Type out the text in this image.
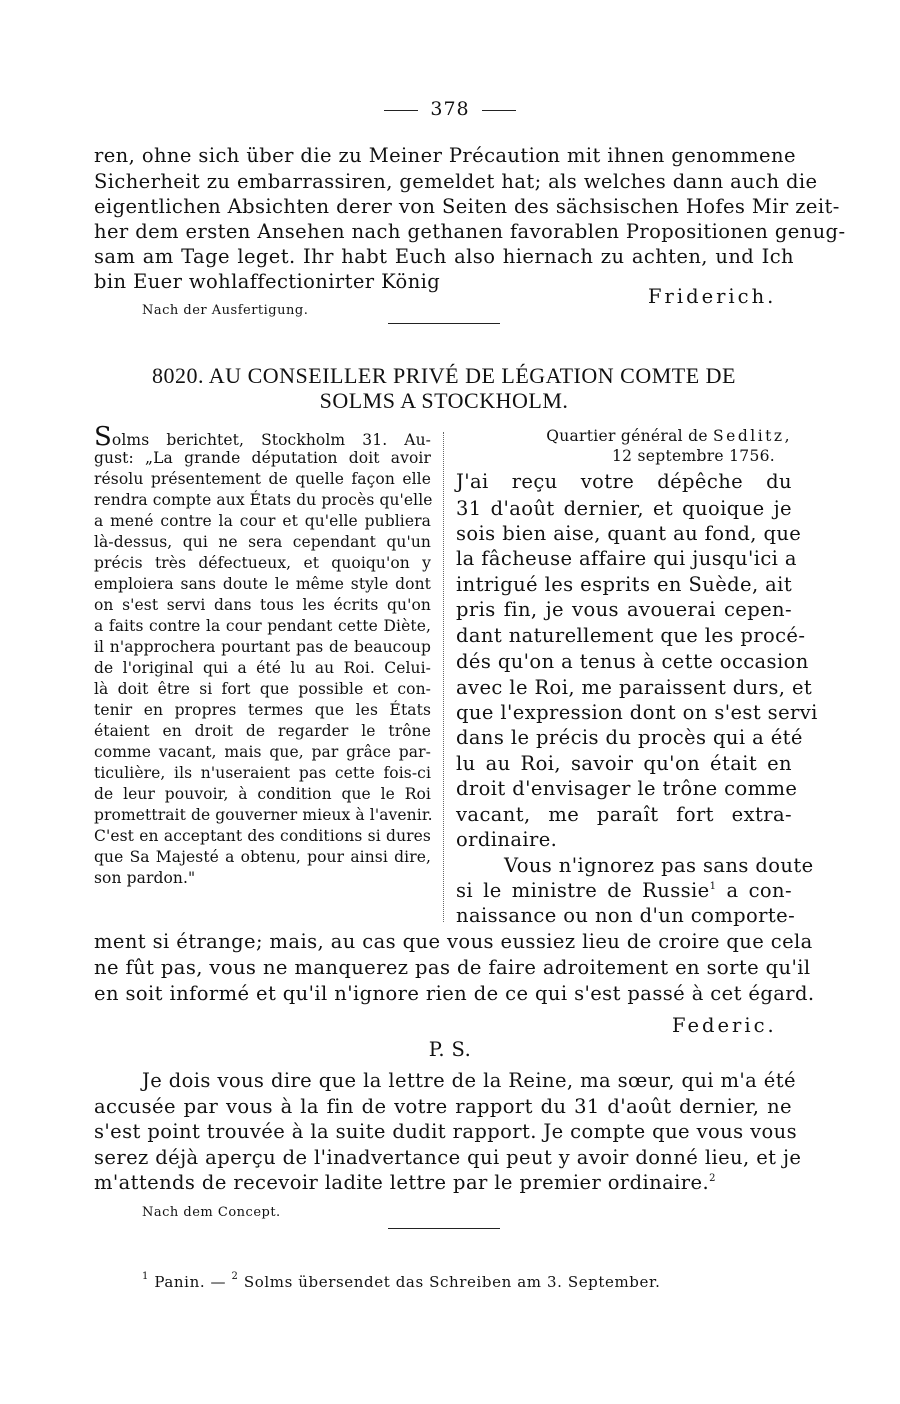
378
ren, ohne sich über die zu Meiner Précaution mit ihnen genommene
Sicherheit zu embarrassiren, gemeldet hat; als welches dann auch die
eigentlichen Absichten derer von Seiten des sächsischen Hofes Mir zeit-
her dem ersten Ansehen nach gethanen favorablen Propositionen genug-
sam am Tage leget. Ihr habt Euch also hiernach zu achten, und Ich
bin Euer wohlaffectionirter König
Friderich.
Nach der Ausfertigung.
8020. AU CONSEILLER PRIVÉ DE LÉGATION COMTE DE
SOLMS A STOCKHOLM.
Solms berichtet, Stockholm 31. Au-
gust: „La grande députation doit avoir
résolu présentement de quelle façon elle
rendra compte aux États du procès qu'elle
a mené contre la cour et qu'elle publiera
là-dessus, qui ne sera cependant qu'un
précis très défectueux, et quoiqu'on y
emploiera sans doute le même style dont
on s'est servi dans tous les écrits qu'on
a faits contre la cour pendant cette Diète,
il n'approchera pourtant pas de beaucoup
de l'original qui a été lu au Roi. Celui-
là doit être si fort que possible et con-
tenir en propres termes que les États
étaient en droit de regarder le trône
comme vacant, mais que, par grâce par-
ticulière, ils n'useraient pas cette fois-ci
de leur pouvoir, à condition que le Roi
promettrait de gouverner mieux à l'avenir.
C'est en acceptant des conditions si dures
que Sa Majesté a obtenu, pour ainsi dire,
son pardon."
Quartier général de Sedlitz,
12 septembre 1756.
J'ai reçu votre dépêche du
31 d'août dernier, et quoique je
sois bien aise, quant au fond, que
la fâcheuse affaire qui jusqu'ici a
intrigué les esprits en Suède, ait
pris fin, je vous avouerai cepen-
dant naturellement que les procé-
dés qu'on a tenus à cette occasion
avec le Roi, me paraissent durs, et
que l'expression dont on s'est servi
dans le précis du procès qui a été
lu au Roi, savoir qu'on était en
droit d'envisager le trône comme
vacant, me paraît fort extra-
ordinaire.
Vous n'ignorez pas sans doute
si le ministre de Russie$^1$ a con-
naissance ou non d'un comporte-
ment si étrange; mais, au cas que vous eussiez lieu de croire que cela
ne fût pas, vous ne manquerez pas de faire adroitement en sorte qu'il
en soit informé et qu'il n'ignore rien de ce qui s'est passé à cet égard.
Federic.
P. S.
Je dois vous dire que la lettre de la Reine, ma sœur, qui m'a été
accusée par vous à la fin de votre rapport du 31 d'août dernier, ne
s'est point trouvée à la suite dudit rapport. Je compte que vous vous
serez déjà aperçu de l'inadvertance qui peut y avoir donné lieu, et je
m'attends de recevoir ladite lettre par le premier ordinaire.$^2$
Nach dem Concept.
$^1$ Panin. — $^2$ Solms übersendet das Schreiben am 3. September.
